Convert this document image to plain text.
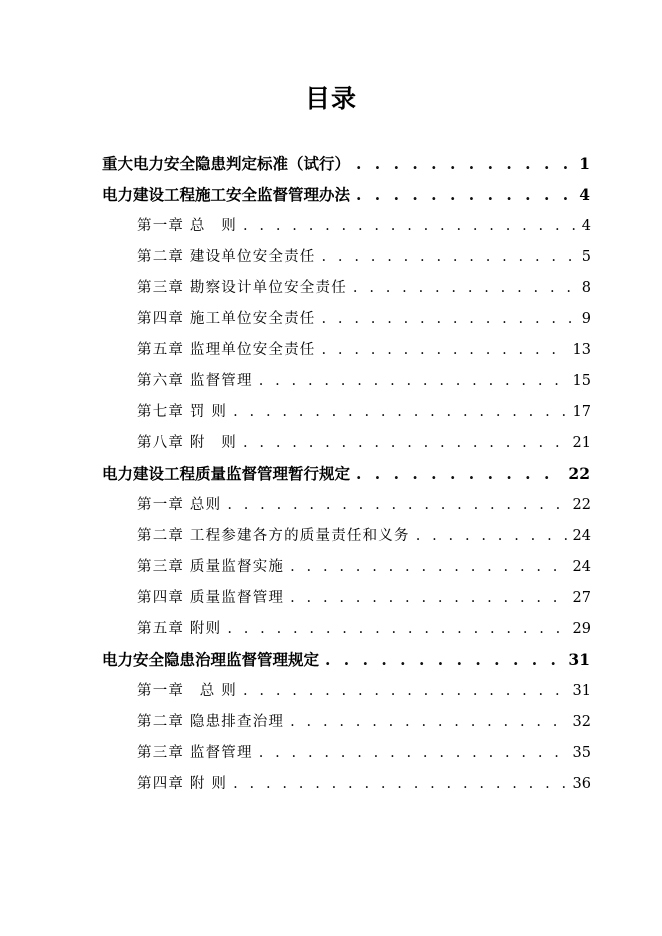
目录
重大电力安全隐患判定标准（试行） . . .	1
电力建设工程施工安全监督管理办法 . . .	4
第一章 总　则 . . .	4
第二章 建设单位安全责任 . . .	5
第三章 勘察设计单位安全责任 . . .	8
第四章 施工单位安全责任 . . .	9
第五章 监理单位安全责任 . . .	13
第六章 监督管理 . . .	15
第七章 罚 则 . . .	17
第八章 附　则 . . .	21
电力建设工程质量监督管理暂行规定 . . .	22
第一章 总则 . . .	22
第二章 工程参建各方的质量责任和义务 . . .	24
第三章 质量监督实施 . . .	24
第四章 质量监督管理 . . .	27
第五章 附则 . . .	29
电力安全隐患治理监督管理规定 . . .	31
第一章　总 则 . . .	31
第二章 隐患排查治理 . . .	32
第三章 监督管理 . . .	35
第四章 附 则 . . .	36
